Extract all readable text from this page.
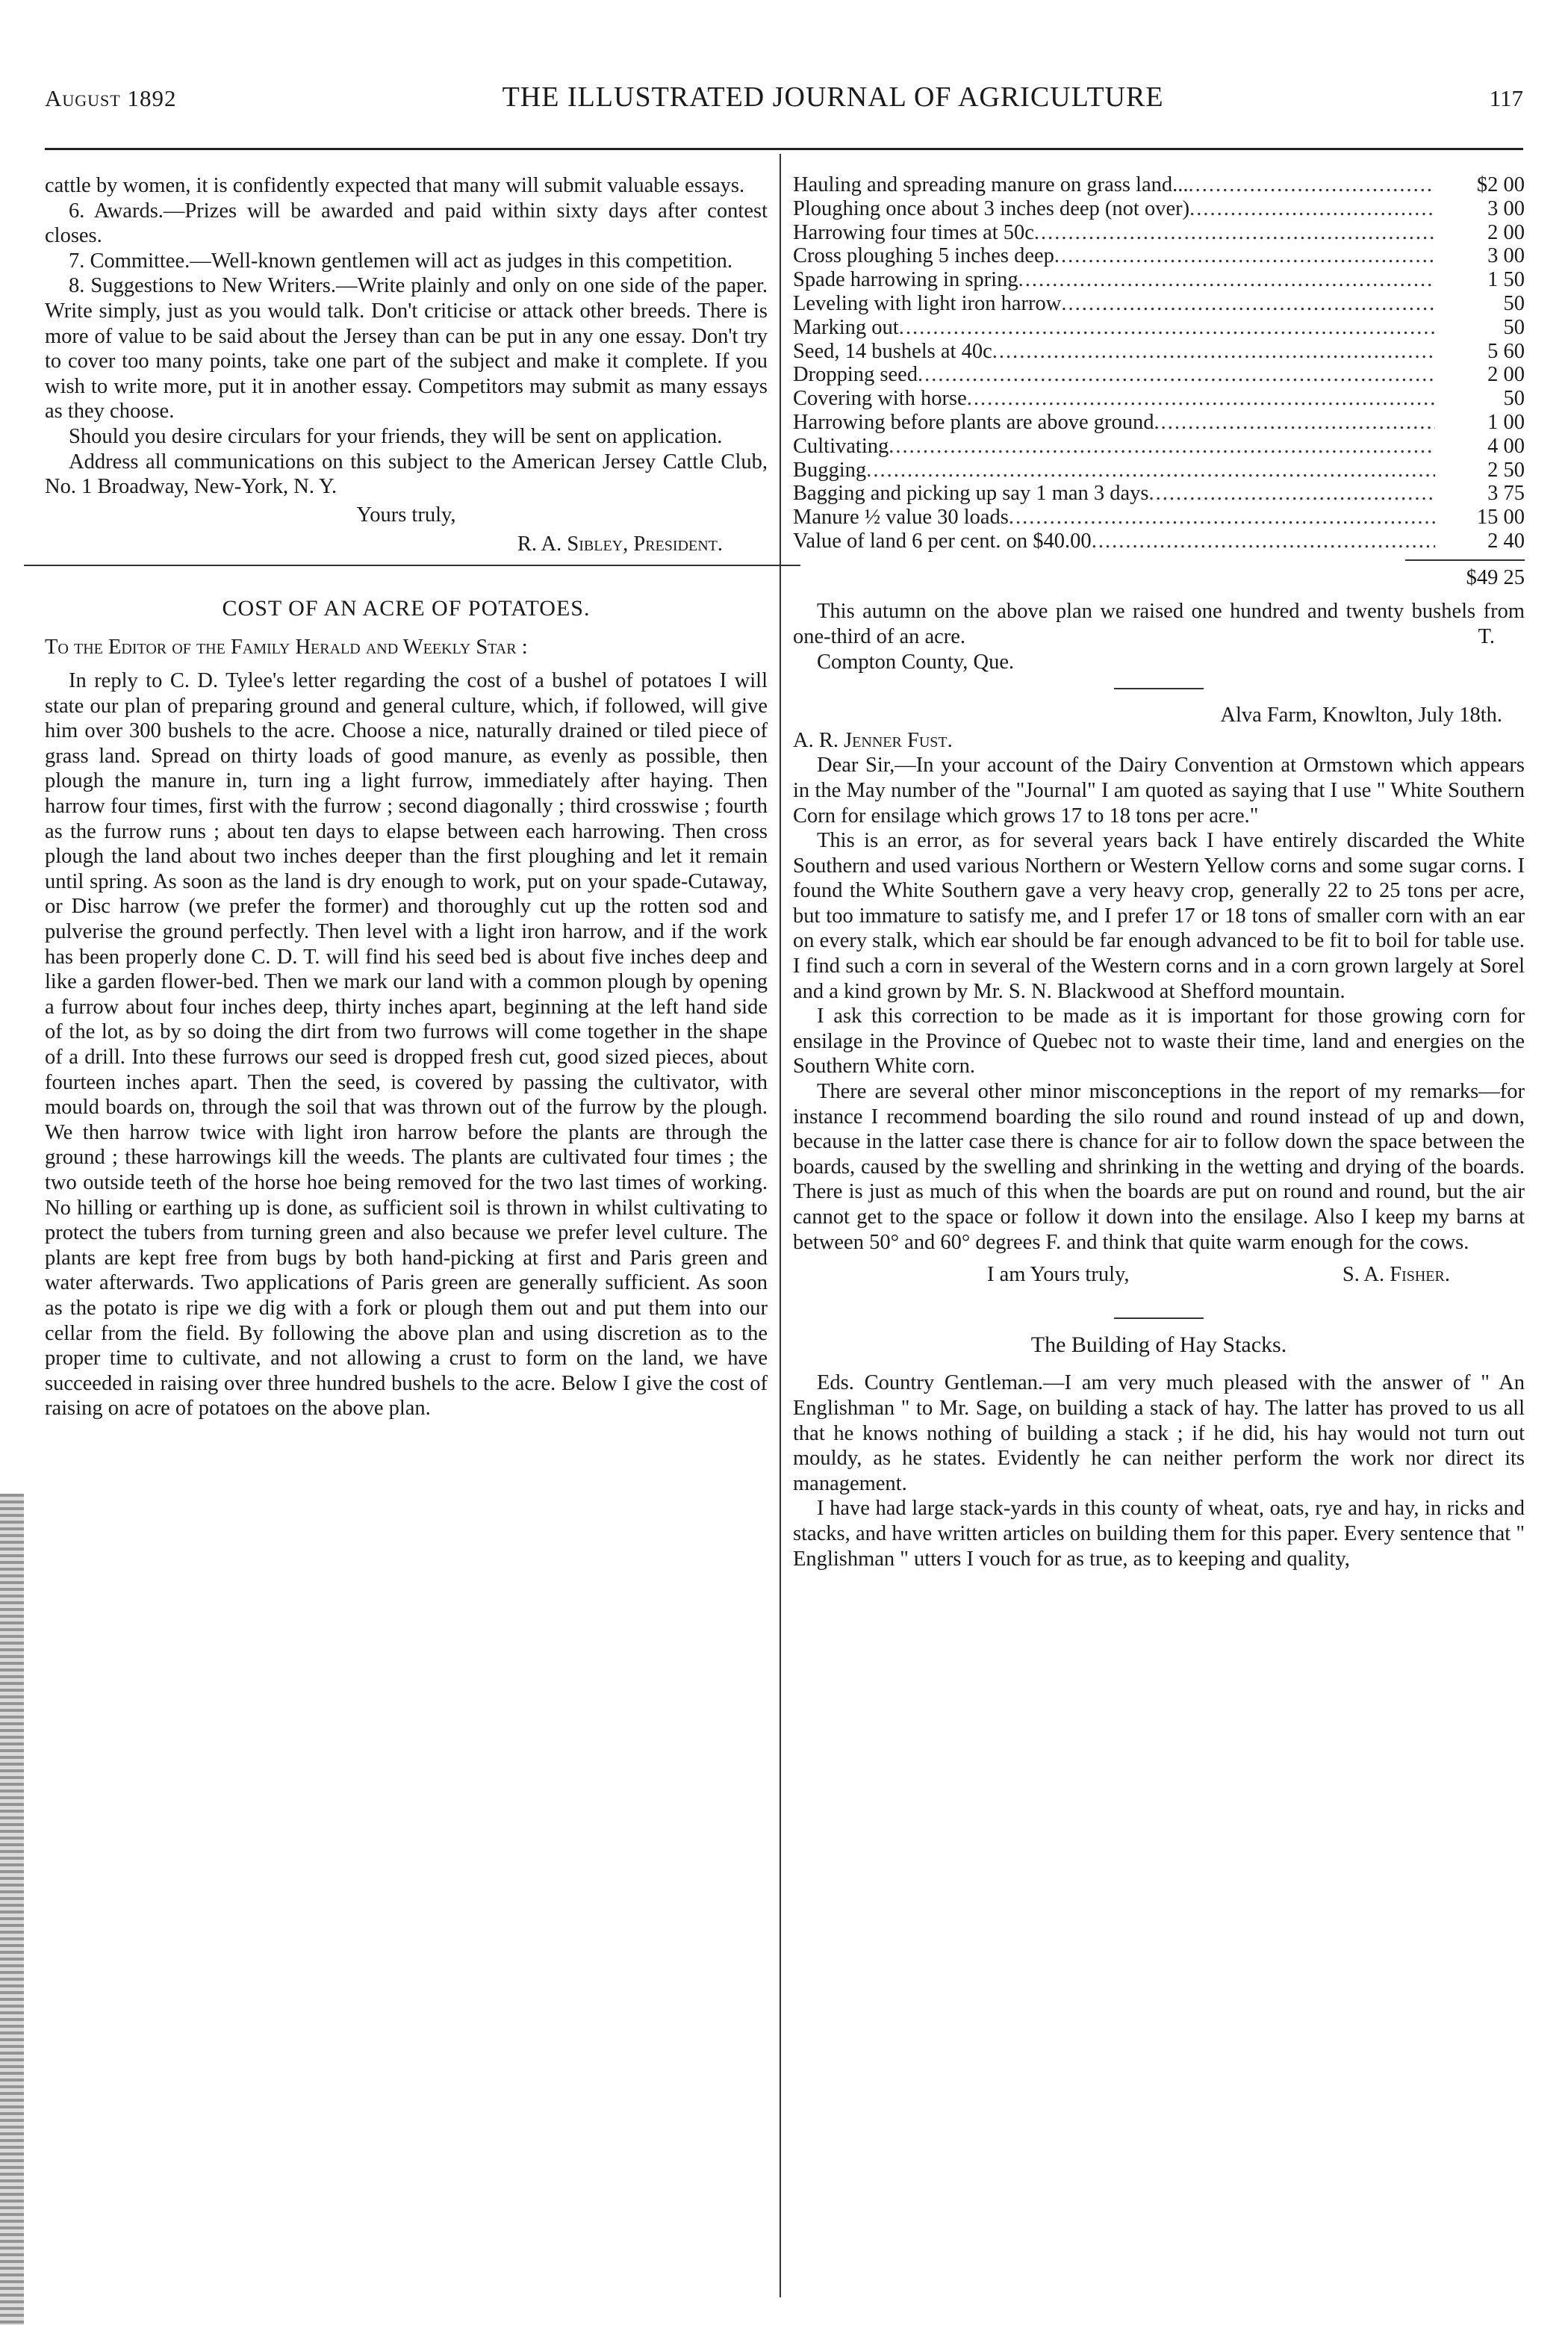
August 1892	THE ILLUSTRATED JOURNAL OF AGRICULTURE	117

cattle by women, it is confidently expected that many will submit valuable essays.

6. Awards.—Prizes will be awarded and paid within sixty days after contest closes.

7. Committee.—Well-known gentlemen will act as judges in this competition.

8. Suggestions to New Writers.—Write plainly and only on one side of the paper. Write simply, just as you would talk. Don't criticise or attack other breeds. There is more of value to be said about the Jersey than can be put in any one essay. Don't try to cover too many points, take one part of the subject and make it complete. If you wish to write more, put it in another essay. Competitors may submit as many essays as they choose.

Should you desire circulars for your friends, they will be sent on application.

Address all communications on this subject to the American Jersey Cattle Club, No. 1 Broadway, New-York, N. Y.

Yours truly,

R. A. Sibley, President.

COST OF AN ACRE OF POTATOES.

To the Editor of the Family Herald and Weekly Star :

In reply to C. D. Tylee's letter regarding the cost of a bushel of potatoes I will state our plan of preparing ground and general culture, which, if followed, will give him over 300 bushels to the acre. Choose a nice, naturally drained or tiled piece of grass land. Spread on thirty loads of good manure, as evenly as possible, then plough the manure in, turn ing a light furrow, immediately after haying. Then harrow four times, first with the furrow ; second diagonally ; third crosswise ; fourth as the furrow runs ; about ten days to elapse between each harrowing. Then cross plough the land about two inches deeper than the first ploughing and let it remain until spring. As soon as the land is dry enough to work, put on your spade-Cutaway, or Disc harrow (we prefer the former) and thoroughly cut up the rotten sod and pulverise the ground perfectly. Then level with a light iron harrow, and if the work has been properly done C. D. T. will find his seed bed is about five inches deep and like a garden flower-bed. Then we mark our land with a common plough by opening a furrow about four inches deep, thirty inches apart, beginning at the left hand side of the lot, as by so doing the dirt from two furrows will come together in the shape of a drill. Into these furrows our seed is dropped fresh cut, good sized pieces, about fourteen inches apart. Then the seed, is covered by passing the cultivator, with mould boards on, through the soil that was thrown out of the furrow by the plough. We then harrow twice with light iron harrow before the plants are through the ground ; these harrowings kill the weeds. The plants are cultivated four times ; the two outside teeth of the horse hoe being removed for the two last times of working. No hilling or earthing up is done, as sufficient soil is thrown in whilst cultivating to protect the tubers from turning green and also because we prefer level culture. The plants are kept free from bugs by both hand-picking at first and Paris green and water afterwards. Two applications of Paris green are generally sufficient. As soon as the potato is ripe we dig with a fork or plough them out and put them into our cellar from the field. By following the above plan and using discretion as to the proper time to cultivate, and not allowing a crust to form on the land, we have succeeded in raising over three hundred bushels to the acre. Below I give the cost of raising on acre of potatoes on the above plan.

Hauling and spreading manure on grass land... .....	$2 00
Ploughing once about 3 inches deep (not over) .....	3 00
Harrowing four times at 50c .....	2 00
Cross ploughing 5 inches deep .....	3 00
Spade harrowing in spring .....	1 50
Leveling with light iron harrow .....	50
Marking out .....	50
Seed, 14 bushels at 40c .....	5 60
Dropping seed .....	2 00
Covering with horse .....	50
Harrowing before plants are above ground .....	1 00
Cultivating .....	4 00
Bugging .....	2 50
Bagging and picking up say 1 man 3 days .....	3 75
Manure ½ value 30 loads .....	15 00
Value of land 6 per cent. on $40.00 .....	2 40

$49 25

This autumn on the above plan we raised one hundred and twenty bushels from one-third of an acre.	T.

Compton County, Que.

Alva Farm, Knowlton, July 18th.

A. R. Jenner Fust.

Dear Sir,—In your account of the Dairy Convention at Ormstown which appears in the May number of the "Journal" I am quoted as saying that I use " White Southern Corn for ensilage which grows 17 to 18 tons per acre."

This is an error, as for several years back I have entirely discarded the White Southern and used various Northern or Western Yellow corns and some sugar corns. I found the White Southern gave a very heavy crop, generally 22 to 25 tons per acre, but too immature to satisfy me, and I prefer 17 or 18 tons of smaller corn with an ear on every stalk, which ear should be far enough advanced to be fit to boil for table use. I find such a corn in several of the Western corns and in a corn grown largely at Sorel and a kind grown by Mr. S. N. Blackwood at Shefford mountain.

I ask this correction to be made as it is important for those growing corn for ensilage in the Province of Quebec not to waste their time, land and energies on the Southern White corn.

There are several other minor misconceptions in the report of my remarks—for instance I recommend boarding the silo round and round instead of up and down, because in the latter case there is chance for air to follow down the space between the boards, caused by the swelling and shrinking in the wetting and drying of the boards. There is just as much of this when the boards are put on round and round, but the air cannot get to the space or follow it down into the ensilage. Also I keep my barns at between 50° and 60° degrees F. and think that quite warm enough for the cows.

I am Yours truly,	S. A. Fisher.

The Building of Hay Stacks.

Eds. Country Gentleman.—I am very much pleased with the answer of " An Englishman " to Mr. Sage, on building a stack of hay. The latter has proved to us all that he knows nothing of building a stack ; if he did, his hay would not turn out mouldy, as he states. Evidently he can neither perform the work nor direct its management.

I have had large stack-yards in this county of wheat, oats, rye and hay, in ricks and stacks, and have written articles on building them for this paper. Every sentence that " Englishman " utters I vouch for as true, as to keeping and quality,
